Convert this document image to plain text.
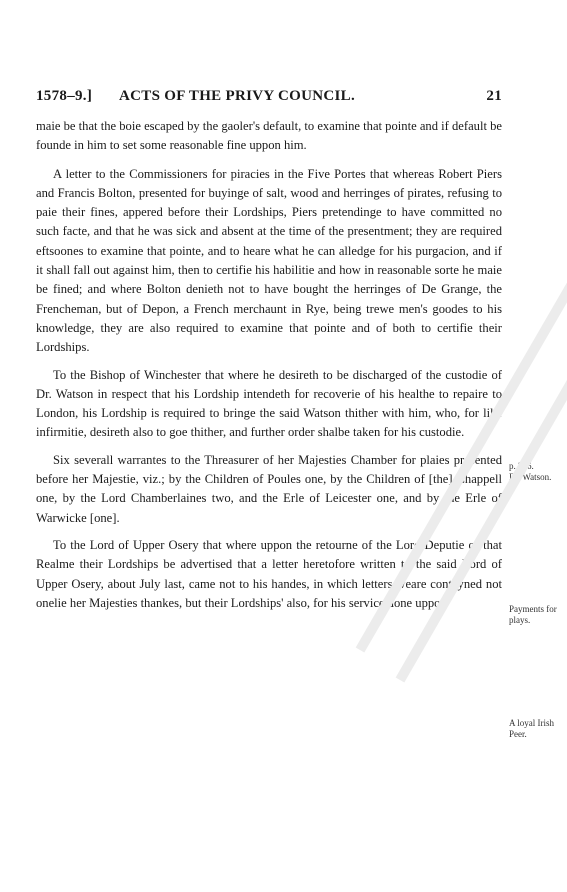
1578–9.] ACTS OF THE PRIVY COUNCIL.	21

maie be that the boie escaped by the gaoler's default, to examine that pointe and if default be founde in him to set some reasonable fine uppon him.

A letter to the Commissioners for piracies in the Five Portes that whereas Robert Piers and Francis Bolton, presented for buyinge of salt, wood and herringes of pirates, refusing to paie their fines, appered before their Lordships, Piers pretendinge to have committed no such facte, and that he was sick and absent at the time of the presentment; they are required eftsoones to examine that pointe, and to heare what he can alledge for his purgacion, and if it shall fall out against him, then to certifie his habilitie and how in reasonable sorte he maie be fined; and where Bolton denieth not to have bought the herringes of De Grange, the Frencheman, but of Depon, a French merchaunt in Rye, being trewe men's goodes to his knowledge, they are also required to examine that pointe and of both to certifie their Lordships.

To the Bishop of Winchester that where he desireth to be discharged of the custodie of Dr. Watson in respect that his Lordship intendeth for recoverie of his healthe to repaire to London, his Lordship is required to bringe the said Watson thither with him, who, for like infirmitie, desireth also to goe thither, and further order shalbe taken for his custodie.

Six severall warrantes to the Threasurer of her Majesties Chamber for plaies presented before her Majestie, viz.; by the Children of Poules one, by the Children of [the] Chappell one, by the Lord Chamberlaines two, and the Erle of Leicester one, and by the Erle of Warwicke [one].

To the Lord of Upper Osery that where uppon the retourne of the Lord Deputie of that Realme their Lordships be advertised that a letter heretofore written to the said Lord of Upper Osery, about July last, came not to his handes, in which letters weare conteyned not onelie her Majesties thankes, but their Lordships' also, for his service done uppon

p. 376.
Dr. Watson.
Payments for
plays.
A loyal Irish
Peer.
